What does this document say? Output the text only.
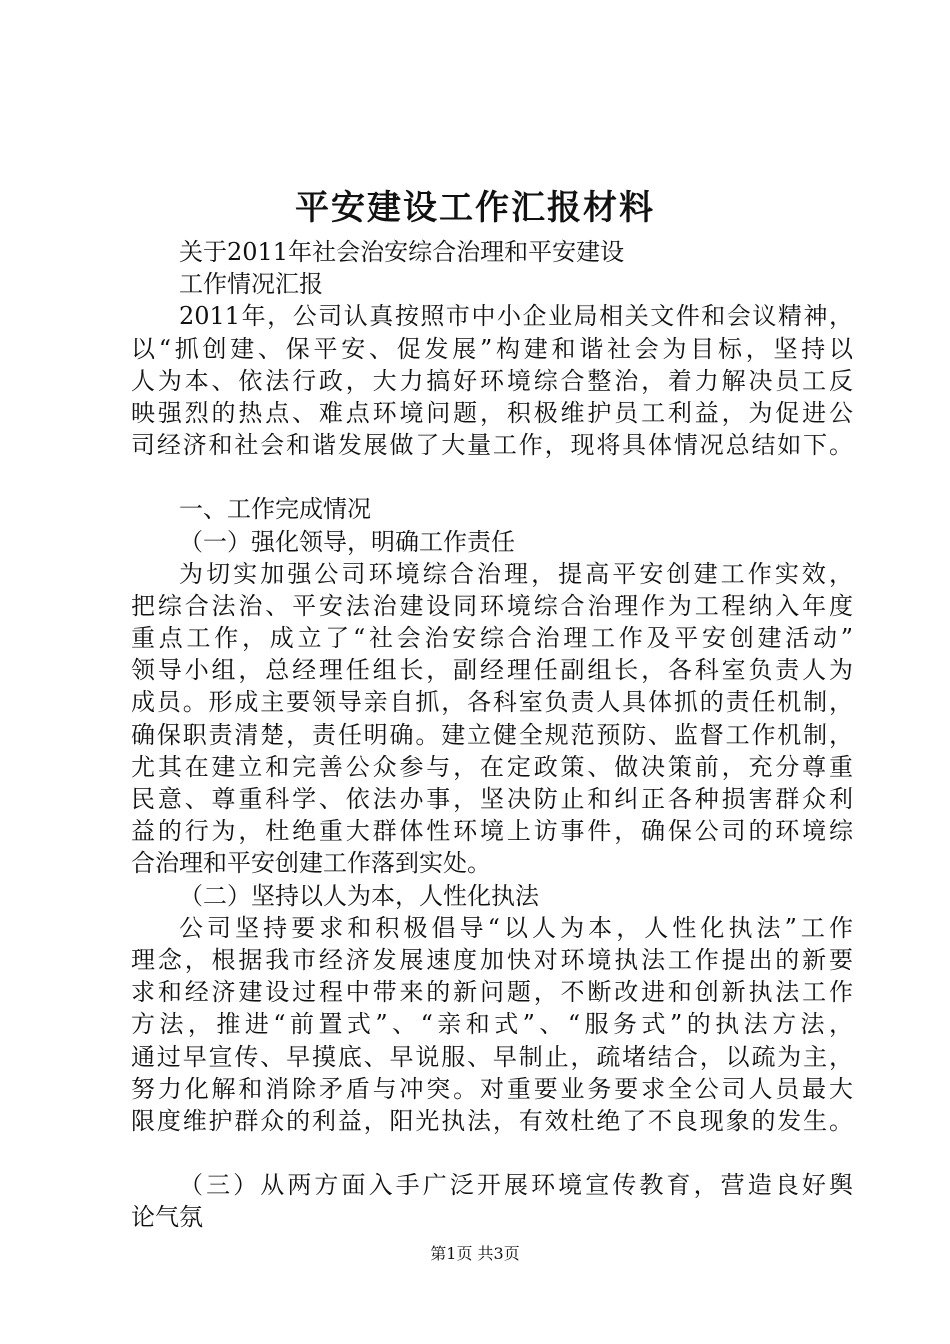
平安建设工作汇报材料
关于2011年社会治安综合治理和平安建设
工作情况汇报
2011年，公司认真按照市中小企业局相关文件和会议精神，
以“抓创建、保平安、促发展”构建和谐社会为目标，坚持以
人为本、依法行政，大力搞好环境综合整治，着力解决员工反
映强烈的热点、难点环境问题，积极维护员工利益，为促进公
司经济和社会和谐发展做了大量工作，现将具体情况总结如下。
一、工作完成情况
（一）强化领导，明确工作责任
为切实加强公司环境综合治理，提高平安创建工作实效，
把综合法治、平安法治建设同环境综合治理作为工程纳入年度
重点工作，成立了“社会治安综合治理工作及平安创建活动”
领导小组，总经理任组长，副经理任副组长，各科室负责人为
成员。形成主要领导亲自抓，各科室负责人具体抓的责任机制，
确保职责清楚，责任明确。建立健全规范预防、监督工作机制，
尤其在建立和完善公众参与，在定政策、做决策前，充分尊重
民意、尊重科学、依法办事，坚决防止和纠正各种损害群众利
益的行为，杜绝重大群体性环境上访事件，确保公司的环境综
合治理和平安创建工作落到实处。
（二）坚持以人为本，人性化执法
公司坚持要求和积极倡导“以人为本，人性化执法”工作
理念，根据我市经济发展速度加快对环境执法工作提出的新要
求和经济建设过程中带来的新问题，不断改进和创新执法工作
方法，推进“前置式”、“亲和式”、“服务式”的执法方法，
通过早宣传、早摸底、早说服、早制止，疏堵结合，以疏为主，
努力化解和消除矛盾与冲突。对重要业务要求全公司人员最大
限度维护群众的利益，阳光执法，有效杜绝了不良现象的发生。
（三）从两方面入手广泛开展环境宣传教育，营造良好舆
论气氛
第1页 共3页
